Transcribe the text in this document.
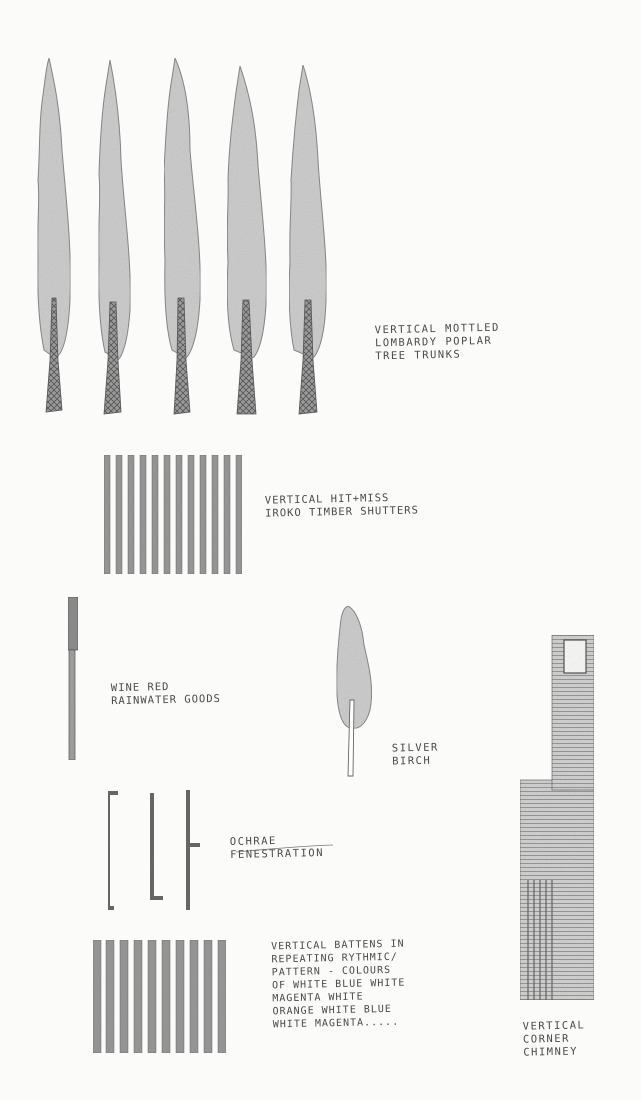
VERTICAL MOTTLED
LOMBARDY POPLAR
TREE TRUNKS
VERTICAL HIT+MISS
IROKO TIMBER SHUTTERS
WINE RED
RAINWATER GOODS
SILVER
BIRCH
OCHRAE
FENESTRATION
VERTICAL BATTENS IN
REPEATING RYTHMIC/
PATTERN - COLOURS
OF WHITE BLUE WHITE
MAGENTA WHITE
ORANGE WHITE BLUE
WHITE MAGENTA.....	VERTICAL
CORNER
CHIMNEY
